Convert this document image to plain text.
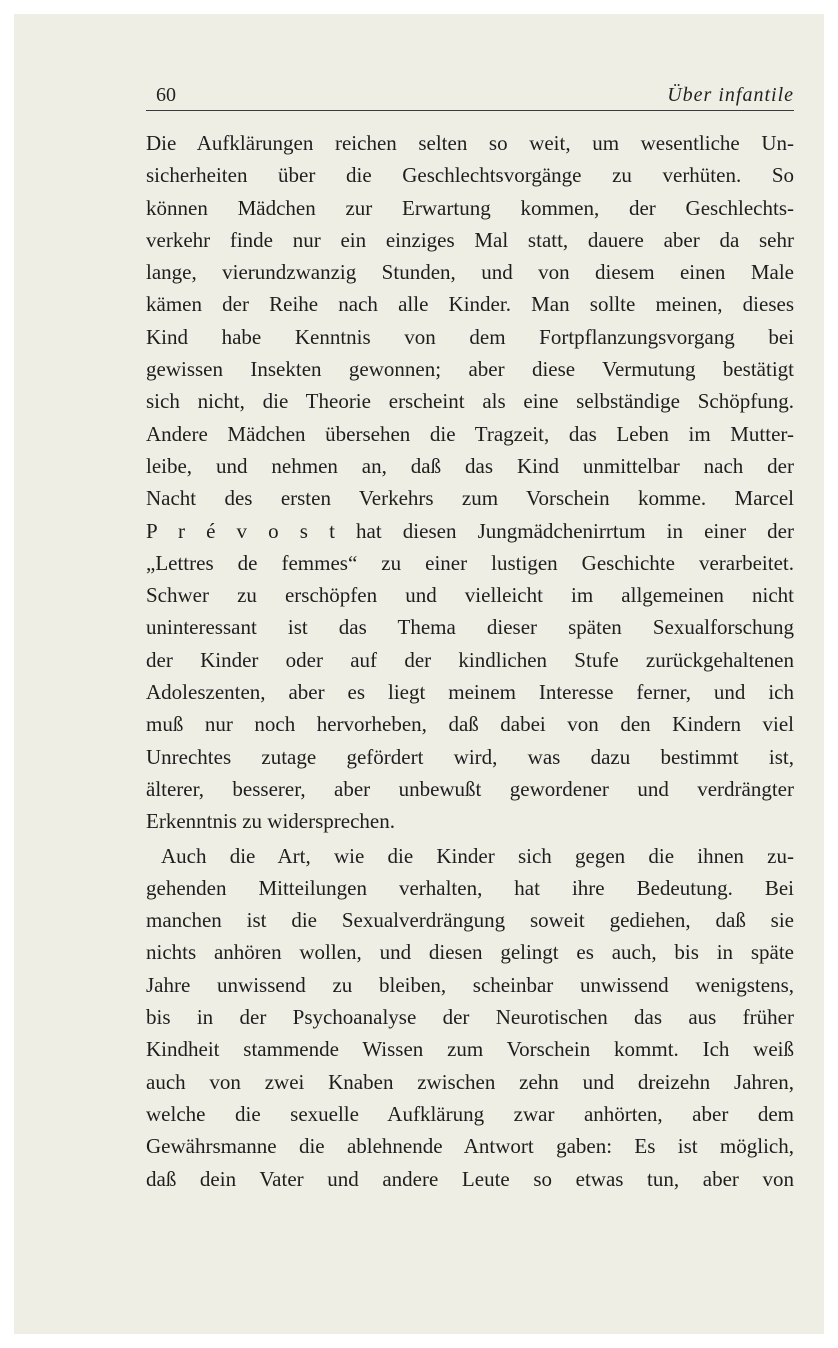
60	Über infantile
Die Aufklärungen reichen selten so weit, um wesentliche Un-
sicherheiten über die Geschlechtsvorgänge zu verhüten. So
können Mädchen zur Erwartung kommen, der Geschlechts-
verkehr finde nur ein einziges Mal statt, dauere aber da sehr
lange, vierundzwanzig Stunden, und von diesem einen Male
kämen der Reihe nach alle Kinder. Man sollte meinen, dieses
Kind habe Kenntnis von dem Fortpflanzungsvorgang bei
gewissen Insekten gewonnen; aber diese Vermutung bestätigt
sich nicht, die Theorie erscheint als eine selbständige Schöpfung.
Andere Mädchen übersehen die Tragzeit, das Leben im Mutter-
leibe, und nehmen an, daß das Kind unmittelbar nach der
Nacht des ersten Verkehrs zum Vorschein komme. Marcel
P r é v o s t hat diesen Jungmädchenirrtum in einer der
„Lettres de femmes“ zu einer lustigen Geschichte verarbeitet.
Schwer zu erschöpfen und vielleicht im allgemeinen nicht
uninteressant ist das Thema dieser späten Sexualforschung
der Kinder oder auf der kindlichen Stufe zurückgehaltenen
Adoleszenten, aber es liegt meinem Interesse ferner, und ich
muß nur noch hervorheben, daß dabei von den Kindern viel
Unrechtes zutage gefördert wird, was dazu bestimmt ist,
älterer, besserer, aber unbewußt gewordener und verdrängter
Erkenntnis zu widersprechen.
Auch die Art, wie die Kinder sich gegen die ihnen zu-
gehenden Mitteilungen verhalten, hat ihre Bedeutung. Bei
manchen ist die Sexualverdrängung soweit gediehen, daß sie
nichts anhören wollen, und diesen gelingt es auch, bis in späte
Jahre unwissend zu bleiben, scheinbar unwissend wenigstens,
bis in der Psychoanalyse der Neurotischen das aus früher
Kindheit stammende Wissen zum Vorschein kommt. Ich weiß
auch von zwei Knaben zwischen zehn und dreizehn Jahren,
welche die sexuelle Aufklärung zwar anhörten, aber dem
Gewährsmanne die ablehnende Antwort gaben: Es ist möglich,
daß dein Vater und andere Leute so etwas tun, aber von
